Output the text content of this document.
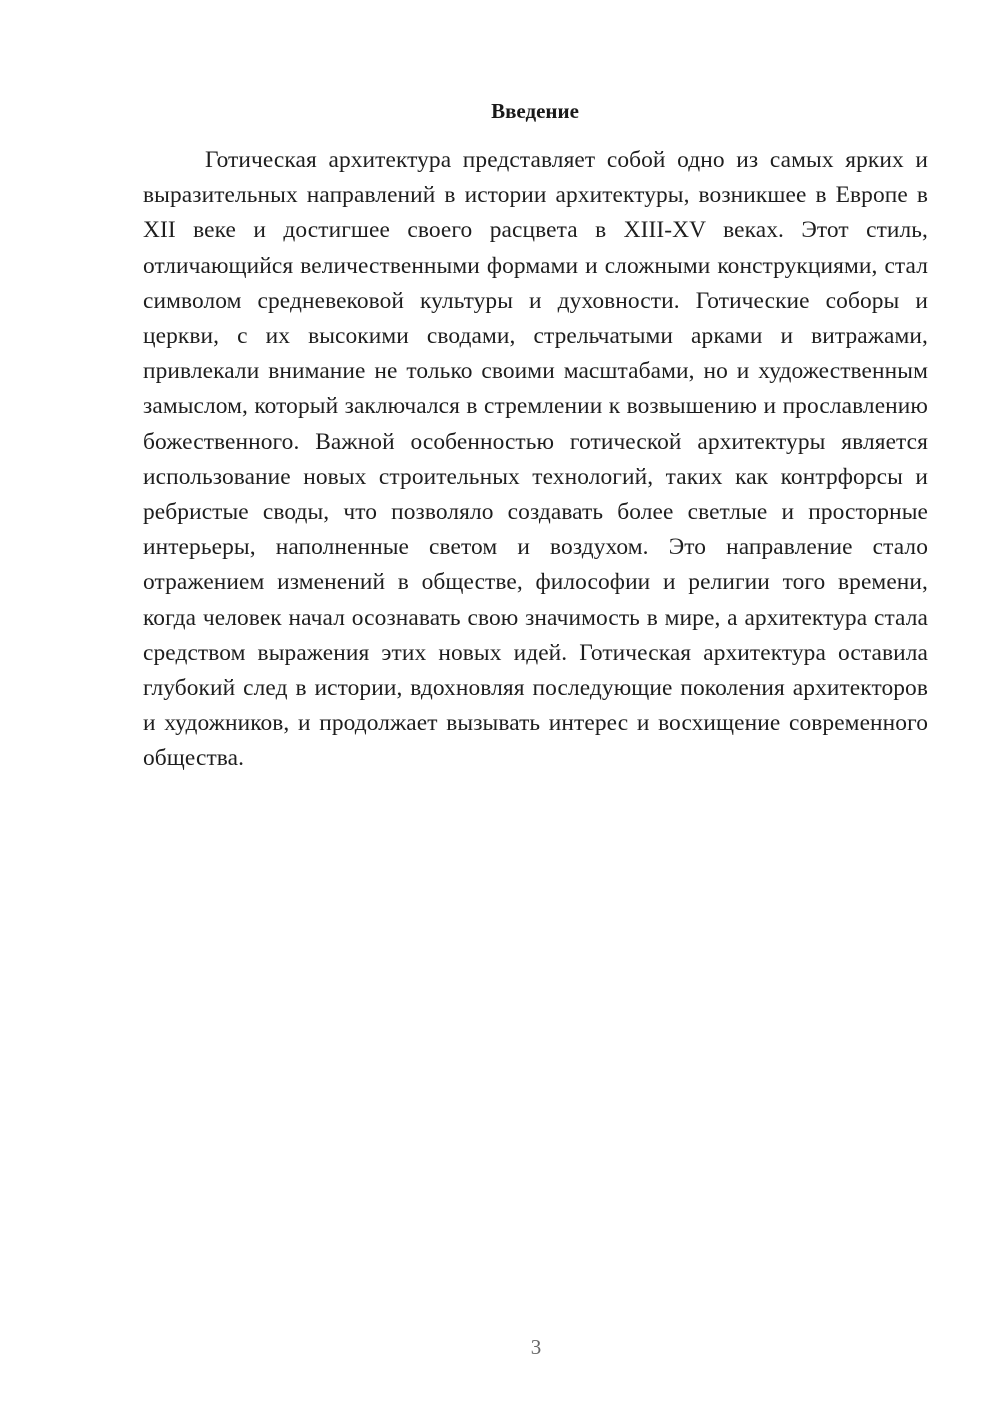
Введение

Готическая архитектура представляет собой одно из самых ярких и выразительных направлений в истории архитектуры, возникшее в Европе в XII веке и достигшее своего расцвета в XIII-XV веках. Этот стиль, отличающийся величественными формами и сложными конструкциями, стал символом средневековой культуры и духовности. Готические соборы и церкви, с их высокими сводами, стрельчатыми арками и витражами, привлекали внимание не только своими масштабами, но и художественным замыслом, который заключался в стремлении к возвышению и прославлению божественного. Важной особенностью готической архитектуры является использование новых строительных технологий, таких как контрфорсы и ребристые своды, что позволяло создавать более светлые и просторные интерьеры, наполненные светом и воздухом. Это направление стало отражением изменений в обществе, философии и религии того времени, когда человек начал осознавать свою значимость в мире, а архитектура стала средством выражения этих новых идей. Готическая архитектура оставила глубокий след в истории, вдохновляя последующие поколения архитекторов и художников, и продолжает вызывать интерес и восхищение современного общества.

3
